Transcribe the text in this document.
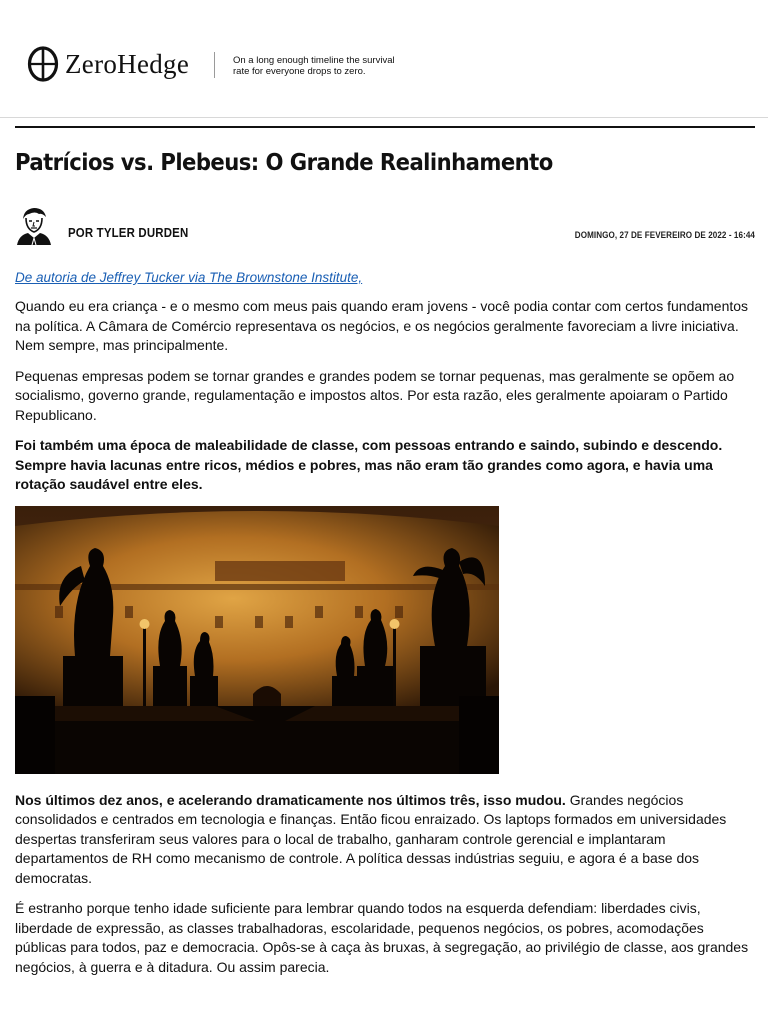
ZeroHedge	On a long enough timeline the survival
rate for everyone drops to zero.
Patrícios vs. Plebeus: O Grande Realinhamento
POR TYLER DURDEN	DOMINGO, 27 DE FEVEREIRO DE 2022 - 16:44

De autoria de Jeffrey Tucker via The Brownstone Institute,

Quando eu era criança - e o mesmo com meus pais quando eram jovens - você podia contar com certos fundamentos na política. A Câmara de Comércio representava os negócios, e os negócios geralmente favoreciam a livre iniciativa. Nem sempre, mas principalmente.

Pequenas empresas podem se tornar grandes e grandes podem se tornar pequenas, mas geralmente se opõem ao socialismo, governo grande, regulamentação e impostos altos. Por esta razão, eles geralmente apoiaram o Partido Republicano.

Foi também uma época de maleabilidade de classe, com pessoas entrando e saindo, subindo e descendo. Sempre havia lacunas entre ricos, médios e pobres, mas não eram tão grandes como agora, e havia uma rotação saudável entre eles.

Nos últimos dez anos, e acelerando dramaticamente nos últimos três, isso mudou. Grandes negócios consolidados e centrados em tecnologia e finanças. Então ficou enraizado. Os laptops formados em universidades despertas transferiram seus valores para o local de trabalho, ganharam controle gerencial e implantaram departamentos de RH como mecanismo de controle. A política dessas indústrias seguiu, e agora é a base dos democratas.

É estranho porque tenho idade suficiente para lembrar quando todos na esquerda defendiam: liberdades civis, liberdade de expressão, as classes trabalhadoras, escolaridade, pequenos negócios, os pobres, acomodações públicas para todos, paz e democracia. Opôs-se à caça às bruxas, à segregação, ao privilégio de classe, aos grandes negócios, à guerra e à ditadura. Ou assim parecia.
